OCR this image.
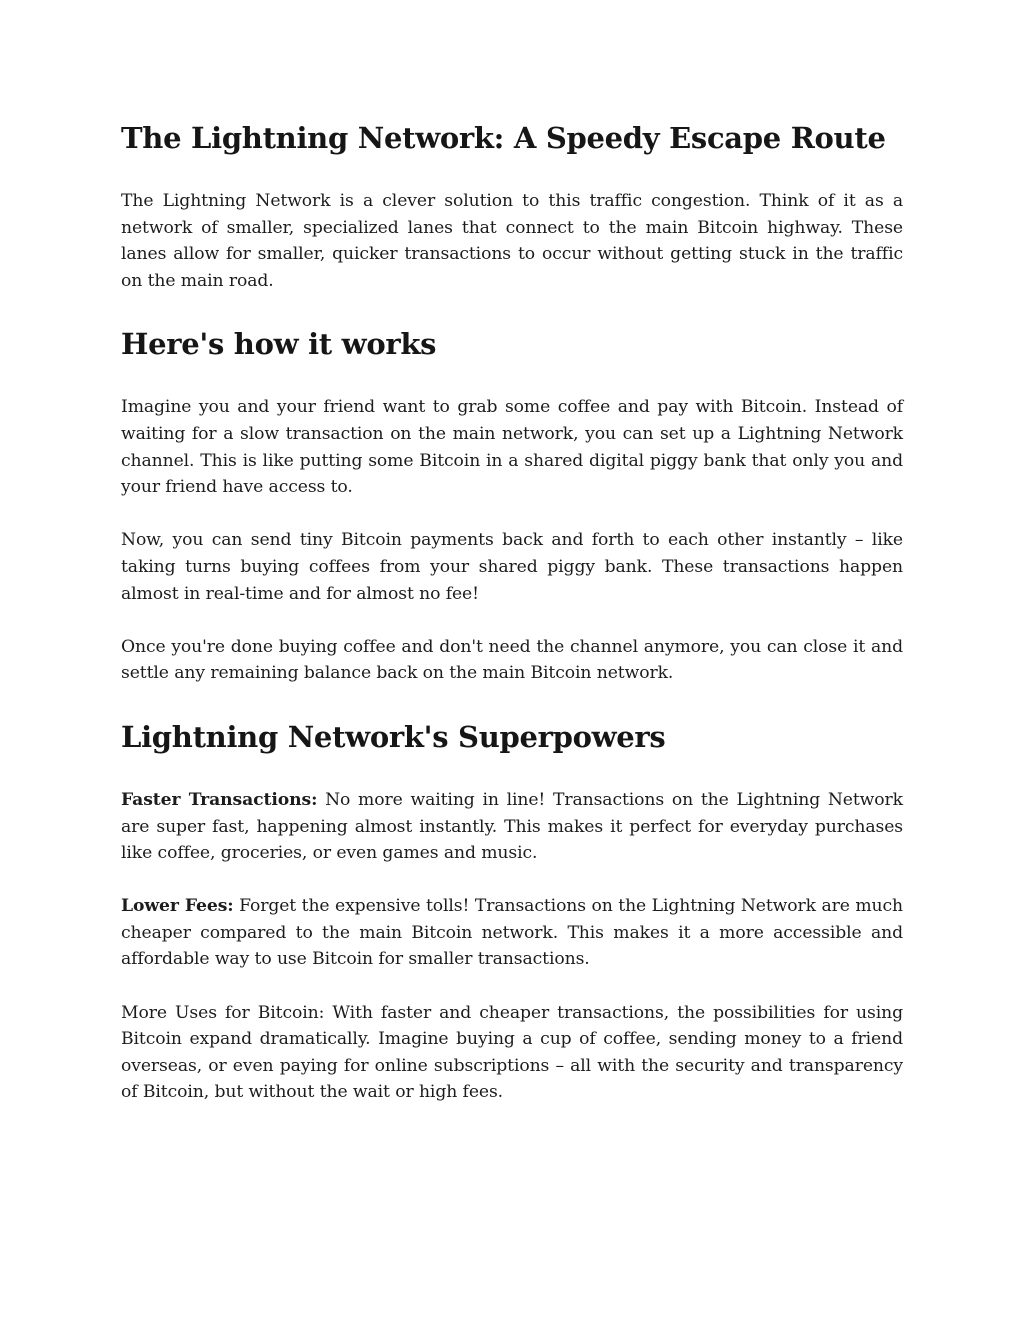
The Lightning Network: A Speedy Escape Route

The Lightning Network is a clever solution to this traffic congestion. Think of it as a network of smaller, specialized lanes that connect to the main Bitcoin highway. These lanes allow for smaller, quicker transactions to occur without getting stuck in the traffic on the main road.

Here's how it works

Imagine you and your friend want to grab some coffee and pay with Bitcoin. Instead of waiting for a slow transaction on the main network, you can set up a Lightning Network channel. This is like putting some Bitcoin in a shared digital piggy bank that only you and your friend have access to.

Now, you can send tiny Bitcoin payments back and forth to each other instantly – like taking turns buying coffees from your shared piggy bank. These transactions happen almost in real-time and for almost no fee!

Once you're done buying coffee and don't need the channel anymore, you can close it and settle any remaining balance back on the main Bitcoin network.

Lightning Network's Superpowers

Faster Transactions: No more waiting in line! Transactions on the Lightning Network are super fast, happening almost instantly. This makes it perfect for everyday purchases like coffee, groceries, or even games and music.

Lower Fees: Forget the expensive tolls! Transactions on the Lightning Network are much cheaper compared to the main Bitcoin network. This makes it a more accessible and affordable way to use Bitcoin for smaller transactions.

More Uses for Bitcoin: With faster and cheaper transactions, the possibilities for using Bitcoin expand dramatically. Imagine buying a cup of coffee, sending money to a friend overseas, or even paying for online subscriptions – all with the security and transparency of Bitcoin, but without the wait or high fees.
